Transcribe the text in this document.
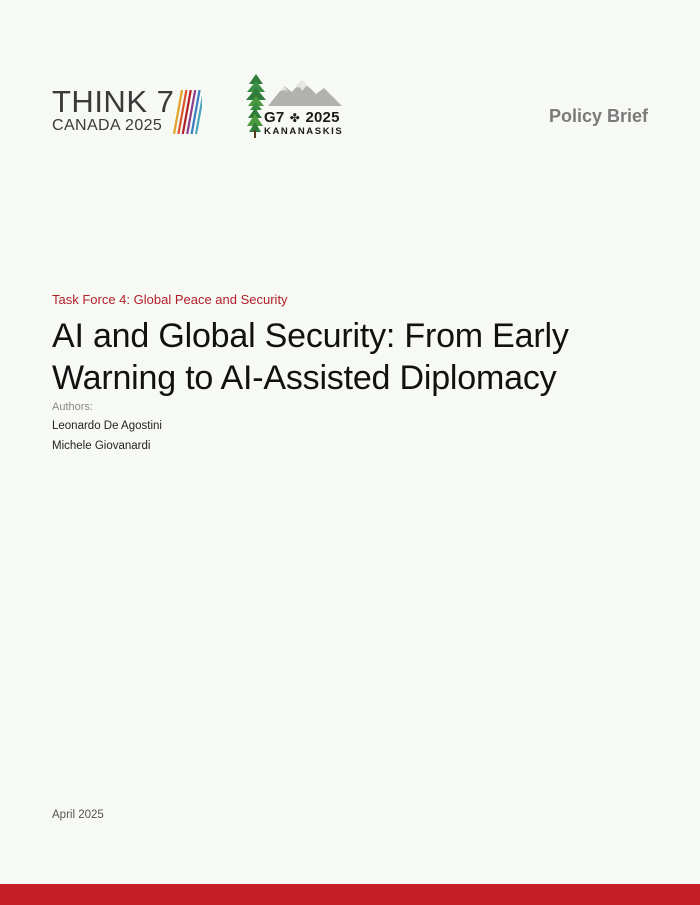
THINK 7
CANADA 2025	G7 ✤ 2025
KANANASKIS
Policy Brief
Task Force 4: Global Peace and Security
AI and Global Security: From Early Warning to AI-Assisted Diplomacy
Authors:
Leonardo De Agostini
Michele Giovanardi
April 2025
